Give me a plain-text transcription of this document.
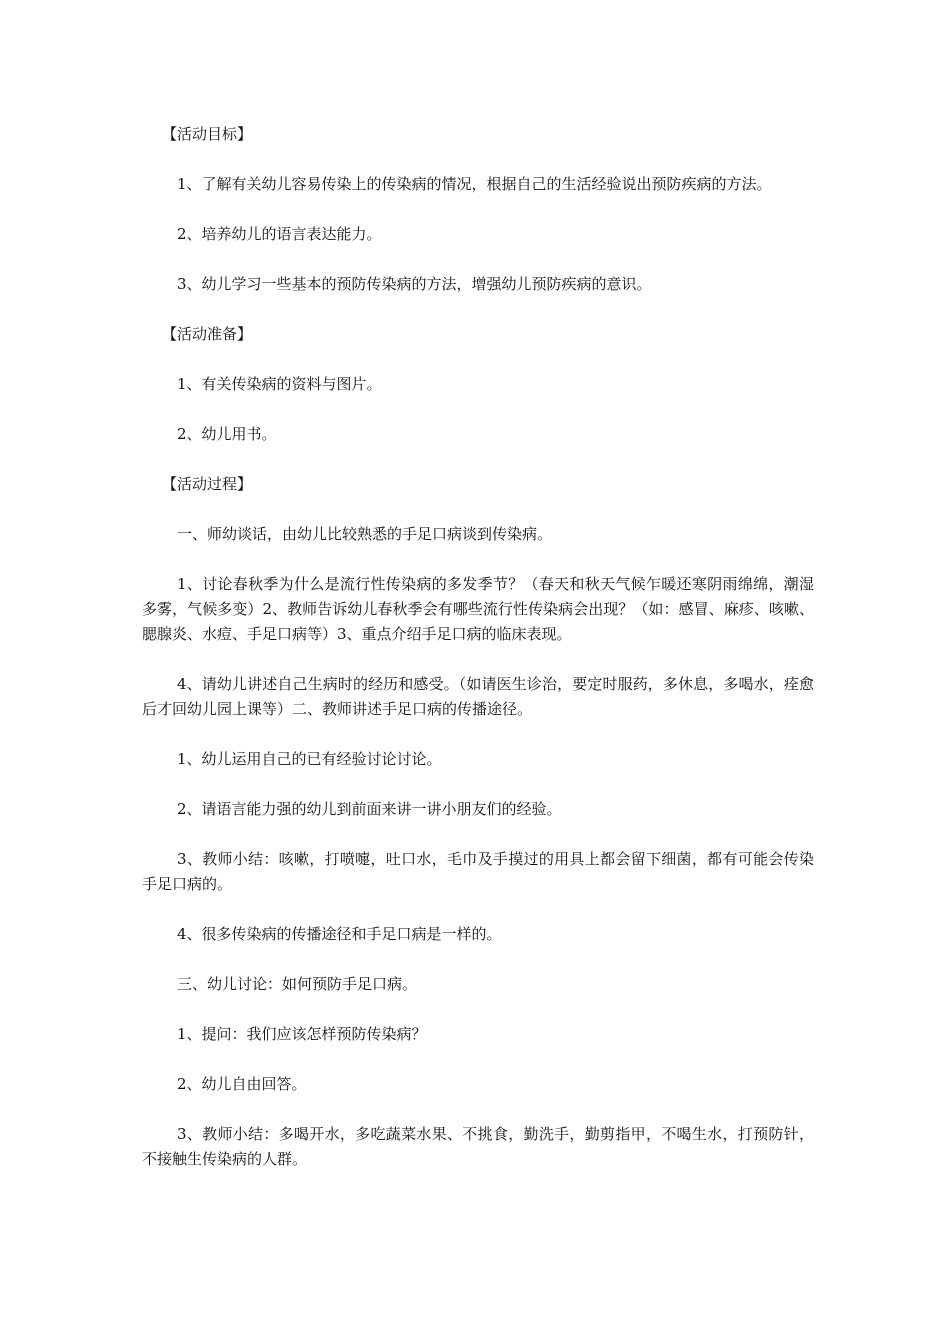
【活动目标】

1、了解有关幼儿容易传染上的传染病的情况，根据自己的生活经验说出预防疾病的方法。

2、培养幼儿的语言表达能力。

3、幼儿学习一些基本的预防传染病的方法，增强幼儿预防疾病的意识。

【活动准备】

1、有关传染病的资料与图片。

2、幼儿用书。

【活动过程】

一、师幼谈话，由幼儿比较熟悉的手足口病谈到传染病。

1、讨论春秋季为什么是流行性传染病的多发季节？（春天和秋天气候乍暖还寒阴雨绵绵，潮湿多雾，气候多变）2、教师告诉幼儿春秋季会有哪些流行性传染病会出现？（如：感冒、麻疹、咳嗽、腮腺炎、水痘、手足口病等）3、重点介绍手足口病的临床表现。

4、请幼儿讲述自己生病时的经历和感受。（如请医生诊治，要定时服药，多休息，多喝水，痊愈后才回幼儿园上课等）二、教师讲述手足口病的传播途径。

1、幼儿运用自己的已有经验讨论讨论。

2、请语言能力强的幼儿到前面来讲一讲小朋友们的经验。

3、教师小结：咳嗽，打喷嚏，吐口水，毛巾及手摸过的用具上都会留下细菌，都有可能会传染手足口病的。

4、很多传染病的传播途径和手足口病是一样的。

三、幼儿讨论：如何预防手足口病。

1、提问：我们应该怎样预防传染病？

2、幼儿自由回答。

3、教师小结：多喝开水，多吃蔬菜水果、不挑食，勤洗手，勤剪指甲，不喝生水，打预防针，不接触生传染病的人群。
